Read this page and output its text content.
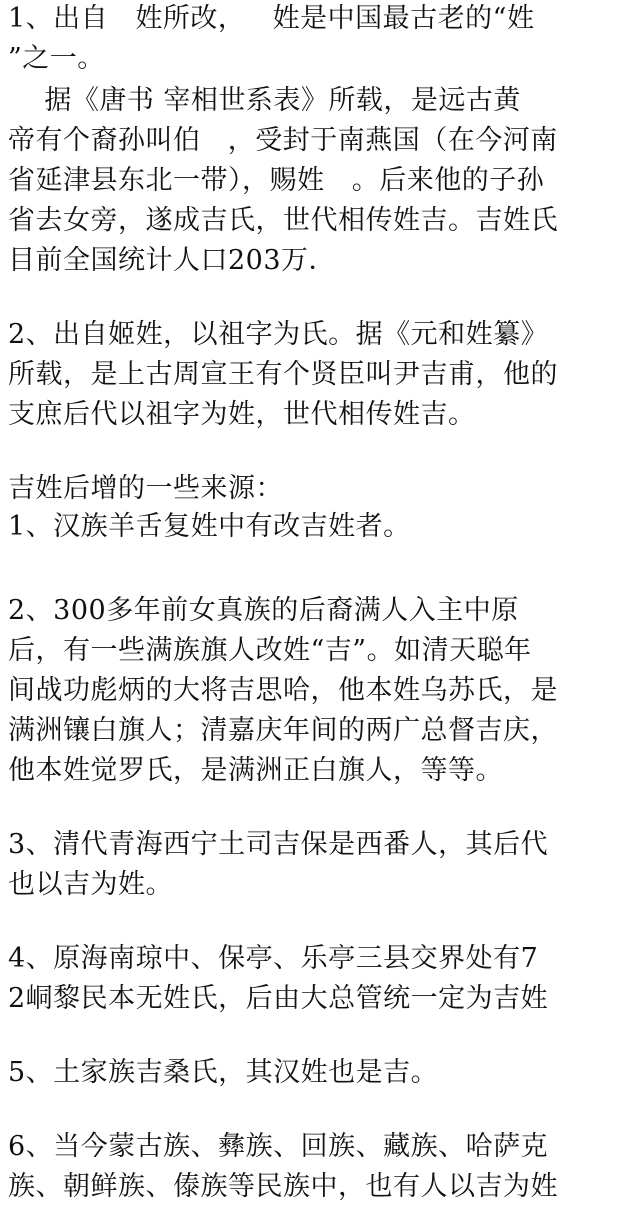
1、出自   姓所改，   姓是中国最古老的“姓
”之一。
据《唐书 宰相世系表》所载，是远古黄
帝有个裔孙叫伯   ，受封于南燕国（在今河南
省延津县东北一带），赐姓   。后来他的子孙
省去女旁，遂成吉氏，世代相传姓吉。吉姓氏
目前全国统计人口203万．
2、出自姬姓，以祖字为氏。据《元和姓纂》
所载，是上古周宣王有个贤臣叫尹吉甫，他的
支庶后代以祖字为姓，世代相传姓吉。
吉姓后增的一些来源：
1、汉族羊舌复姓中有改吉姓者。
2、300多年前女真族的后裔满人入主中原
后，有一些满族旗人改姓“吉”。如清天聪年
间战功彪炳的大将吉思哈，他本姓乌苏氏，是
满洲镶白旗人；清嘉庆年间的两广总督吉庆，
他本姓觉罗氏，是满洲正白旗人，等等。
3、清代青海西宁土司吉保是西番人，其后代
也以吉为姓。
4、原海南琼中、保亭、乐亭三县交界处有7
2峒黎民本无姓氏，后由大总管统一定为吉姓
5、土家族吉桑氏，其汉姓也是吉。
6、当今蒙古族、彝族、回族、藏族、哈萨克
族、朝鲜族、傣族等民族中，也有人以吉为姓
